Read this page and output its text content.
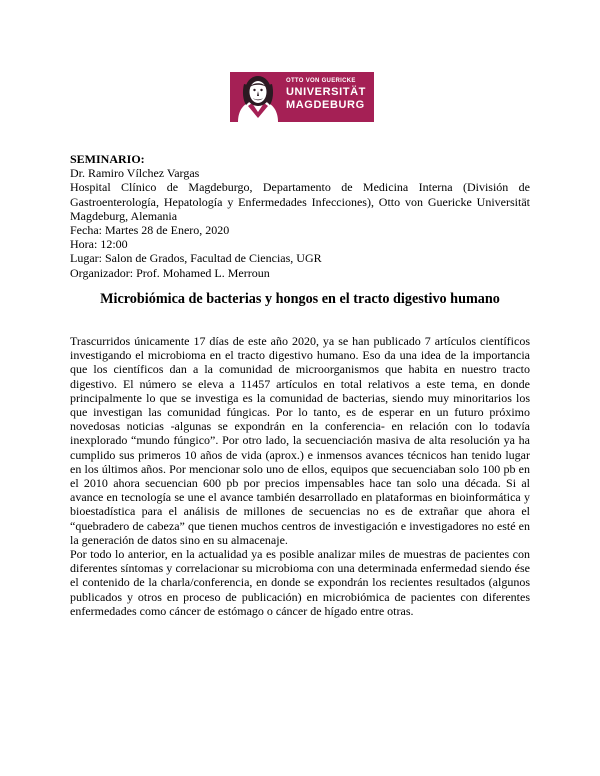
OTTO VON GUERICKE
UNIVERSITÄT
MAGDEBURG
SEMINARIO:
Dr. Ramiro Vílchez Vargas
Hospital Clínico de Magdeburgo, Departamento de Medicina Interna (División de Gastroenterología, Hepatología y Enfermedades Infecciones), Otto von Guericke Universität Magdeburg, Alemania
Fecha: Martes 28 de Enero, 2020
Hora: 12:00
Lugar: Salon de Grados, Facultad de Ciencias, UGR
Organizador: Prof. Mohamed L. Merroun
Microbiómica de bacterias y hongos en el tracto digestivo humano

Trascurridos únicamente 17 días de este año 2020, ya se han publicado 7 artículos científicos investigando el microbioma en el tracto digestivo humano. Eso da una idea de la importancia que los científicos dan a la comunidad de microorganismos que habita en nuestro tracto digestivo. El número se eleva a 11457 artículos en total relativos a este tema, en donde principalmente lo que se investiga es la comunidad de bacterias, siendo muy minoritarios los que investigan las comunidad fúngicas. Por lo tanto, es de esperar en un futuro próximo novedosas noticias -algunas se expondrán en la conferencia- en relación con lo todavía inexplorado “mundo fúngico”. Por otro lado, la secuenciación masiva de alta resolución ya ha cumplido sus primeros 10 años de vida (aprox.) e inmensos avances técnicos han tenido lugar en los últimos años. Por mencionar solo uno de ellos, equipos que secuenciaban solo 100 pb en el 2010 ahora secuencian 600 pb por precios impensables hace tan solo una década. Si al avance en tecnología se une el avance también desarrollado en plataformas en bioinformática y bioestadística para el análisis de millones de secuencias no es de extrañar que ahora el “quebradero de cabeza” que tienen muchos centros de investigación e investigadores no esté en la generación de datos sino en su almacenaje.

Por todo lo anterior, en la actualidad ya es posible analizar miles de muestras de pacientes con diferentes síntomas y correlacionar su microbioma con una determinada enfermedad siendo ése el contenido de la charla/conferencia, en donde se expondrán los recientes resultados (algunos publicados y otros en proceso de publicación) en microbiómica de pacientes con diferentes enfermedades como cáncer de estómago o cáncer de hígado entre otras.
